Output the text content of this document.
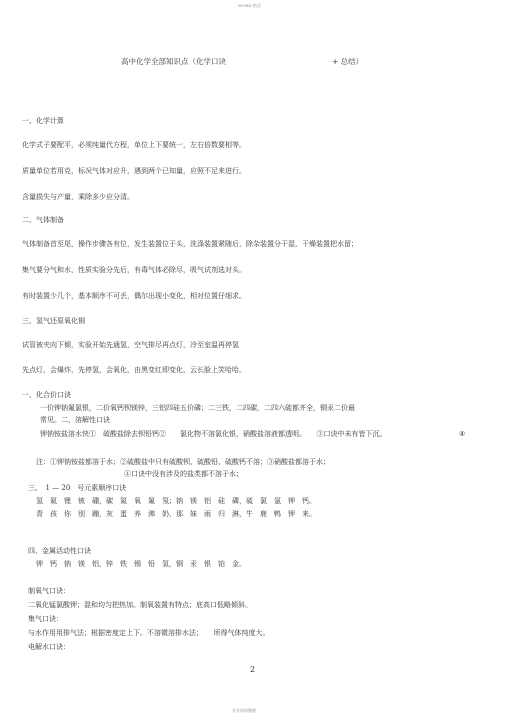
WORD 格式
高中化学全部知识点（化学口诀	+ 总结）
一、化学计算
化学式子要配平，必须纯量代方程，单位上下要统一，左右倍数要相等。
质量单位若用克，标况气体对应升，遇到两个已知量，应照不足来进行。
含量损失与产量，乘除多少应分清。
二、气体制备
气体制备首至尾，操作步骤各有位，发生装置位于头，洗涤装置紧随后，除杂装置分干湿，干燥装置把水留；
集气要分气和水，性质实验分先后，有毒气体必除尽，吸气试剂选对头。
有时装置少几个，基本顺序不可丢，偶尔出现小变化，相对位置仔细求。
三、氢气还原氧化铜
试管被夹向下倾，实验开始先通氢，空气排尽再点灯，冷至室温再停氢
先点灯，会爆炸，先停氢，会氧化，由黑变红即变化，云长脸上笑哈哈。
一、化合价口诀
一价钾钠氟氯银，二价氧钙钡镁锌，三铝四硅五价磷；二三铁，二四碳，二四六硫都齐全，铜汞二价最
常见。二、溶解性口诀
钾钠铵盐溶水快①　硫酸盐除去钡铅钙②　　氯化物不溶氯化银，硝酸盐溶液都透明。　　③口诀中未有皆下沉。	④
注：①钾钠铵盐都溶于水；②硫酸盐中只有硫酸钡、硫酸铅、硫酸钙不溶；③硝酸盐都溶于水；
④口诀中没有涉及的盐类都不溶于水；
三、　1 — 20　号元素顺序口诀
氢　氦　锂　铍　硼，碳　氮　氧　氟　氖；钠　镁　铝　硅　磷，硫　氯　氩　钾　钙。
青　孩　你　别　蹦，灰　蛋　养　沸　奶，那　妹　雨　归　淋，牛　鹿　鸭　钾　来。
四、金属活动性口诀
钾　钙　钠　镁　铝，锌　铁　锡　铅　氢，铜　汞　银　铂　金。
制氧气口诀：
二氧化锰氯酸钾；混和均匀把热加。制氧装置有特点；底高口低略倾斜。
集气口诀：
与水作用用排气法；根据密度定上下。不溶微溶排水法；　　所得气体纯度大。
电解水口诀：
2
专业资料整理
